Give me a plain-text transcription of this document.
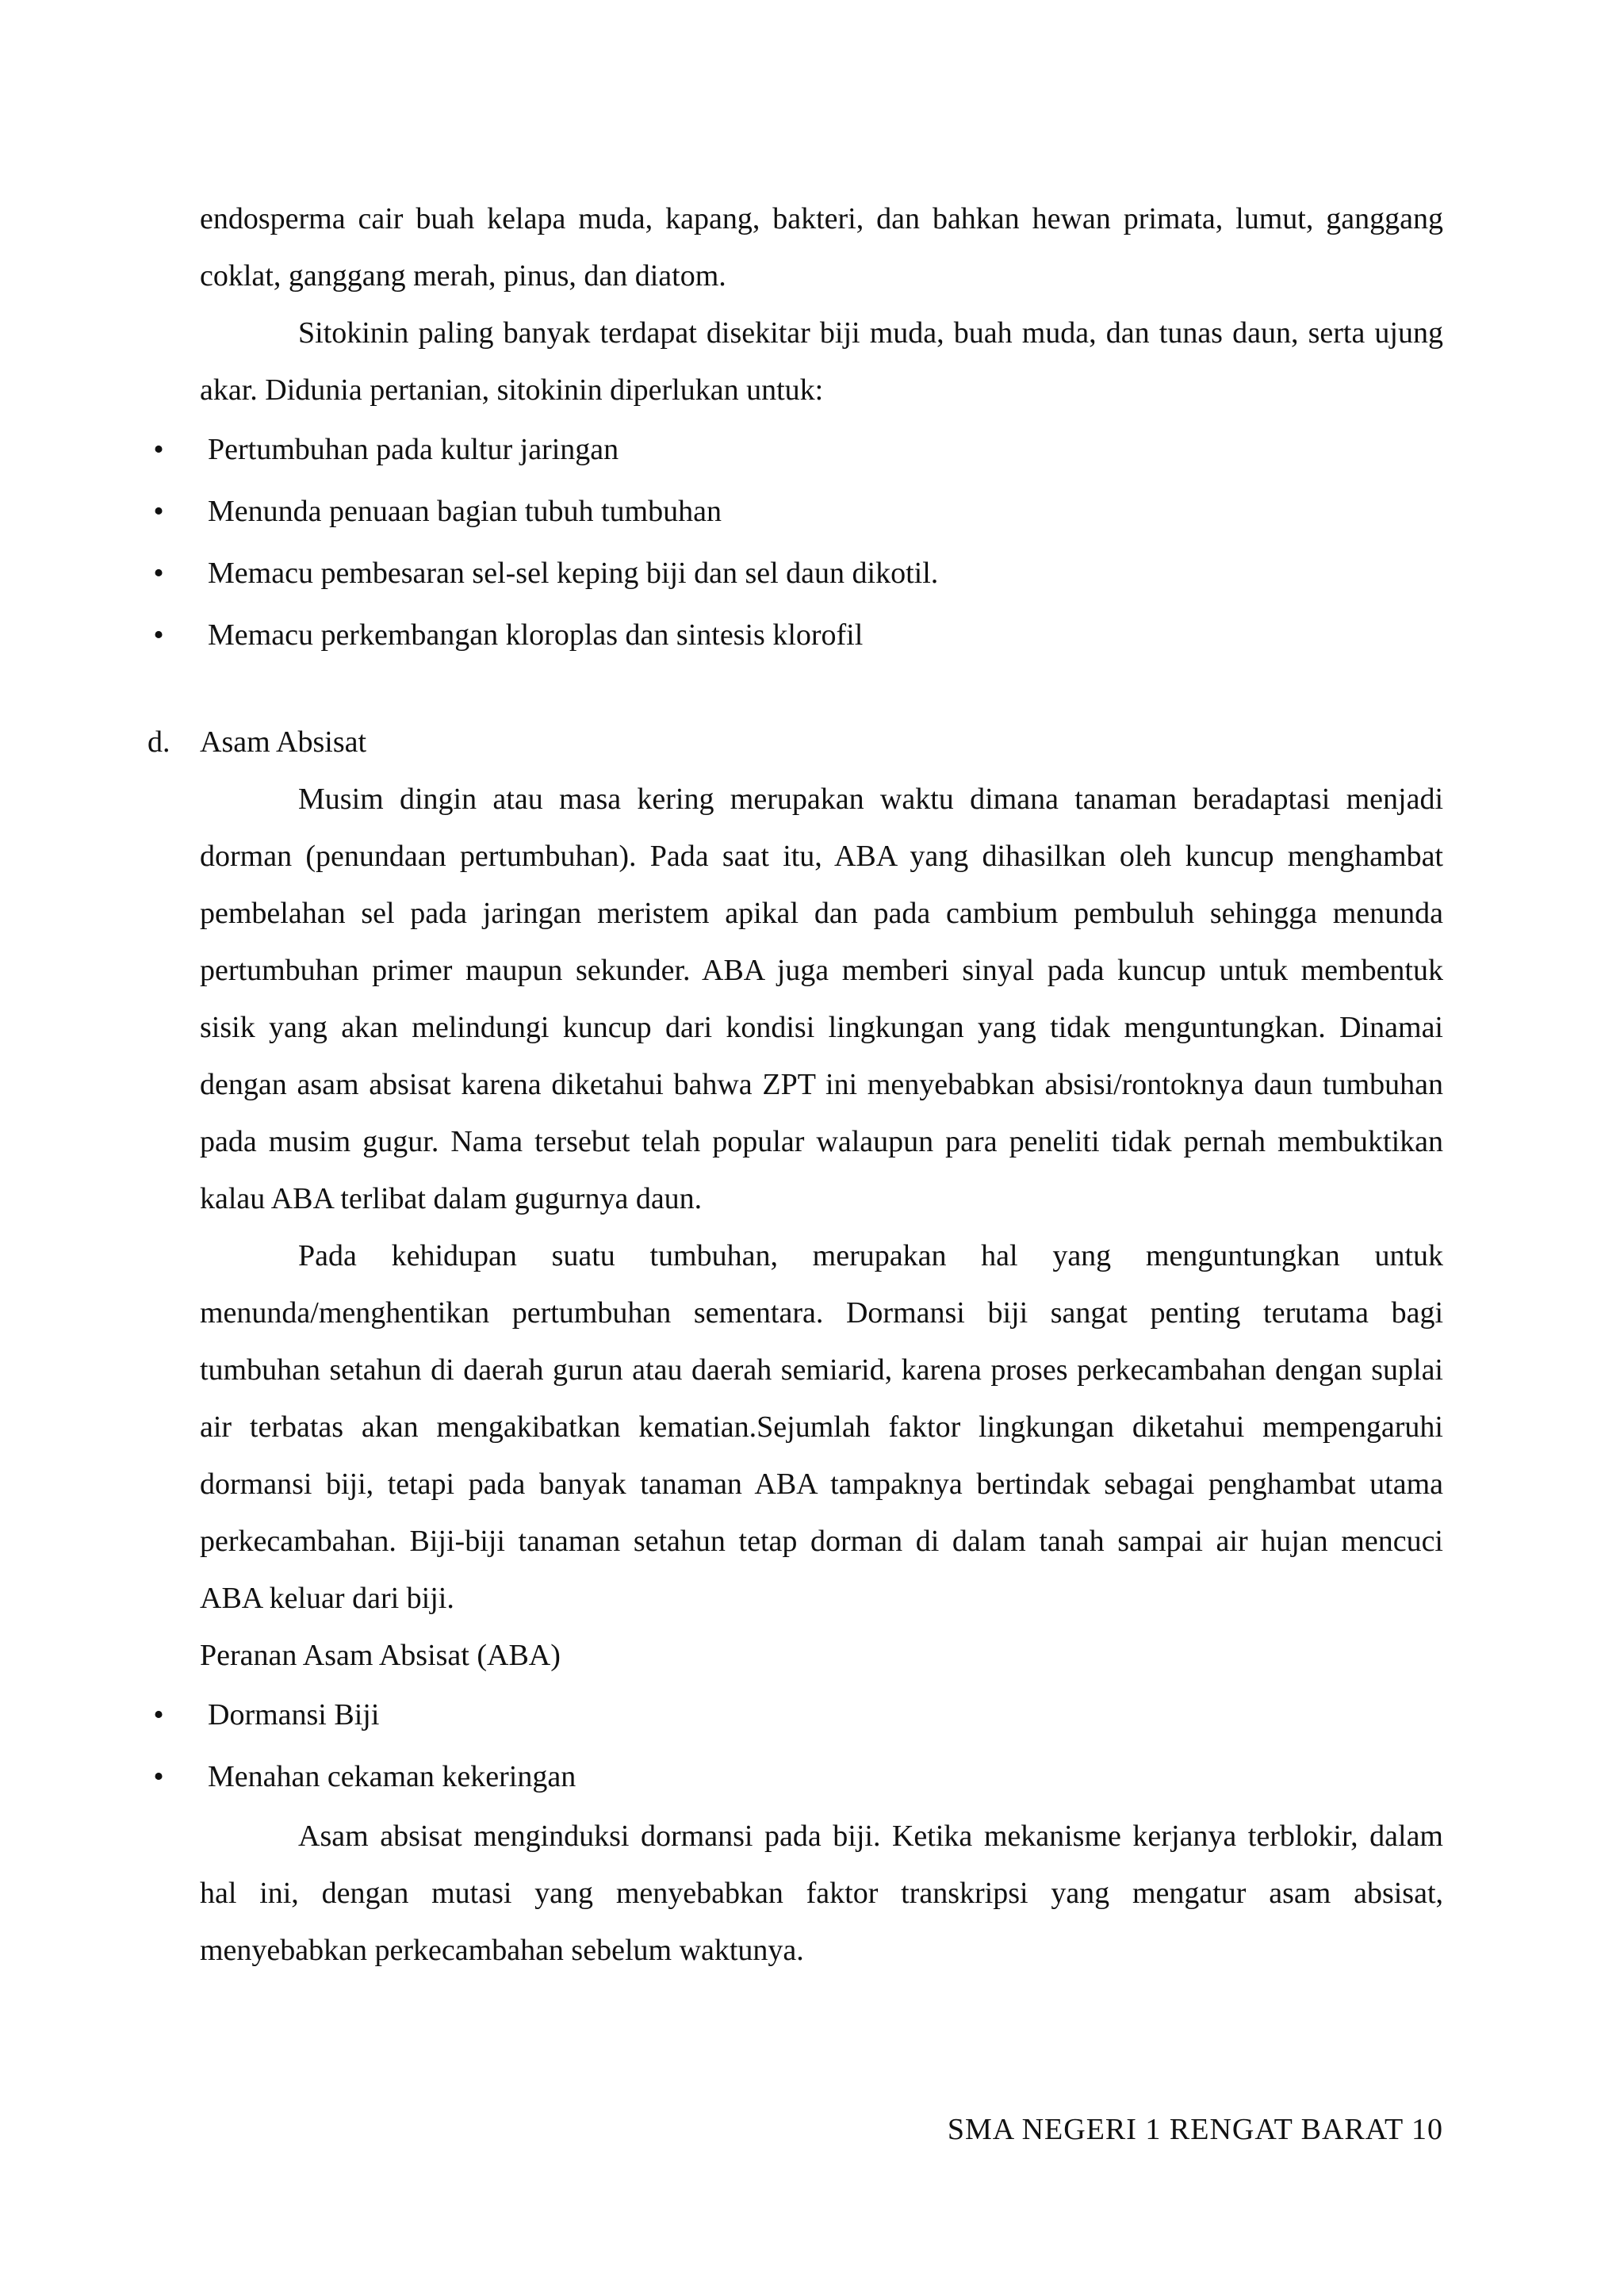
endosperma cair buah kelapa muda, kapang, bakteri, dan bahkan hewan primata, lumut, ganggang coklat, ganggang merah, pinus, dan diatom.

Sitokinin paling banyak terdapat disekitar biji muda, buah muda, dan tunas daun, serta ujung akar. Didunia pertanian, sitokinin diperlukan untuk:

• Pertumbuhan pada kultur jaringan
• Menunda penuaan bagian tubuh tumbuhan
• Memacu pembesaran sel-sel keping biji dan sel daun dikotil.
• Memacu perkembangan kloroplas dan sintesis klorofil
d. Asam Absisat

Musim dingin atau masa kering merupakan waktu dimana tanaman beradaptasi menjadi dorman (penundaan pertumbuhan). Pada saat itu, ABA yang dihasilkan oleh kuncup menghambat pembelahan sel pada jaringan meristem apikal dan pada cambium pembuluh sehingga menunda pertumbuhan primer maupun sekunder. ABA juga memberi sinyal pada kuncup untuk membentuk sisik yang akan melindungi kuncup dari kondisi lingkungan yang tidak menguntungkan. Dinamai dengan asam absisat karena diketahui bahwa ZPT ini menyebabkan absisi/rontoknya daun tumbuhan pada musim gugur. Nama tersebut telah popular walaupun para peneliti tidak pernah membuktikan kalau ABA terlibat dalam gugurnya daun.

Pada kehidupan suatu tumbuhan, merupakan hal yang menguntungkan untuk menunda/menghentikan pertumbuhan sementara. Dormansi biji sangat penting terutama bagi tumbuhan setahun di daerah gurun atau daerah semiarid, karena proses perkecambahan dengan suplai air terbatas akan mengakibatkan kematian.Sejumlah faktor lingkungan diketahui mempengaruhi dormansi biji, tetapi pada banyak tanaman ABA tampaknya bertindak sebagai penghambat utama perkecambahan. Biji-biji tanaman setahun tetap dorman di dalam tanah sampai air hujan mencuci ABA keluar dari biji.

Peranan Asam Absisat (ABA)

• Dormansi Biji
• Menahan cekaman kekeringan

Asam absisat menginduksi dormansi pada biji. Ketika mekanisme kerjanya terblokir, dalam hal ini, dengan mutasi yang menyebabkan faktor transkripsi yang mengatur asam absisat, menyebabkan perkecambahan sebelum waktunya.

SMA NEGERI 1 RENGAT BARAT 10
